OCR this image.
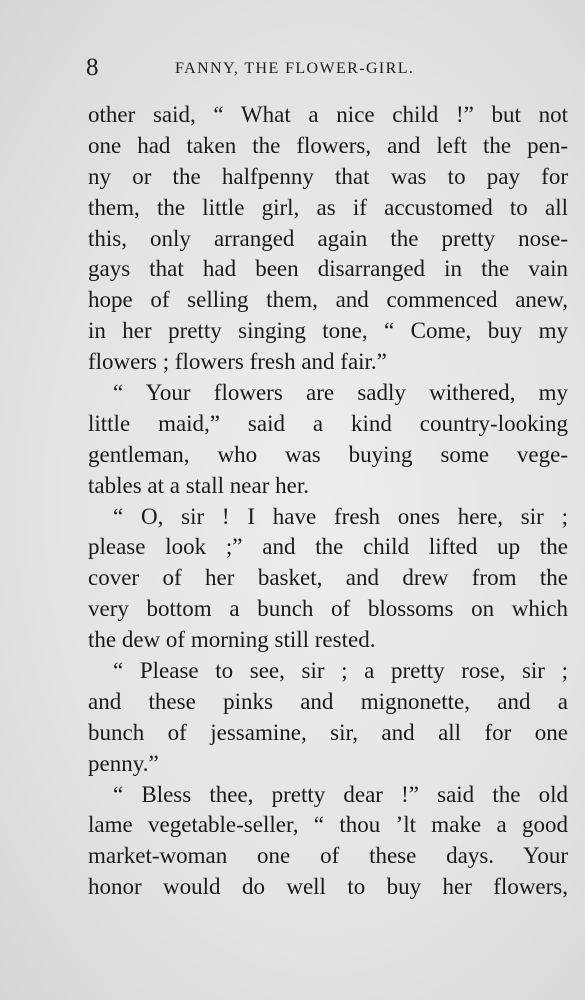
8	FANNY, THE FLOWER-GIRL.
other said, “ What a nice child !” but not
one had taken the flowers, and left the pen-
ny or the halfpenny that was to pay for
them, the little girl, as if accustomed to all
this, only arranged again the pretty nose-
gays that had been disarranged in the vain
hope of selling them, and commenced anew,
in her pretty singing tone, “ Come, buy my
flowers ; flowers fresh and fair.”
“ Your flowers are sadly withered, my
little maid,” said a kind country-looking
gentleman, who was buying some vege-
tables at a stall near her.
“ O, sir ! I have fresh ones here, sir ;
please look ;” and the child lifted up the
cover of her basket, and drew from the
very bottom a bunch of blossoms on which
the dew of morning still rested.
“ Please to see, sir ; a pretty rose, sir ;
and these pinks and mignonette, and a
bunch of jessamine, sir, and all for one
penny.”
“ Bless thee, pretty dear !” said the old
lame vegetable-seller, “ thou ’lt make a good
market-woman one of these days. Your
honor would do well to buy her flowers,
